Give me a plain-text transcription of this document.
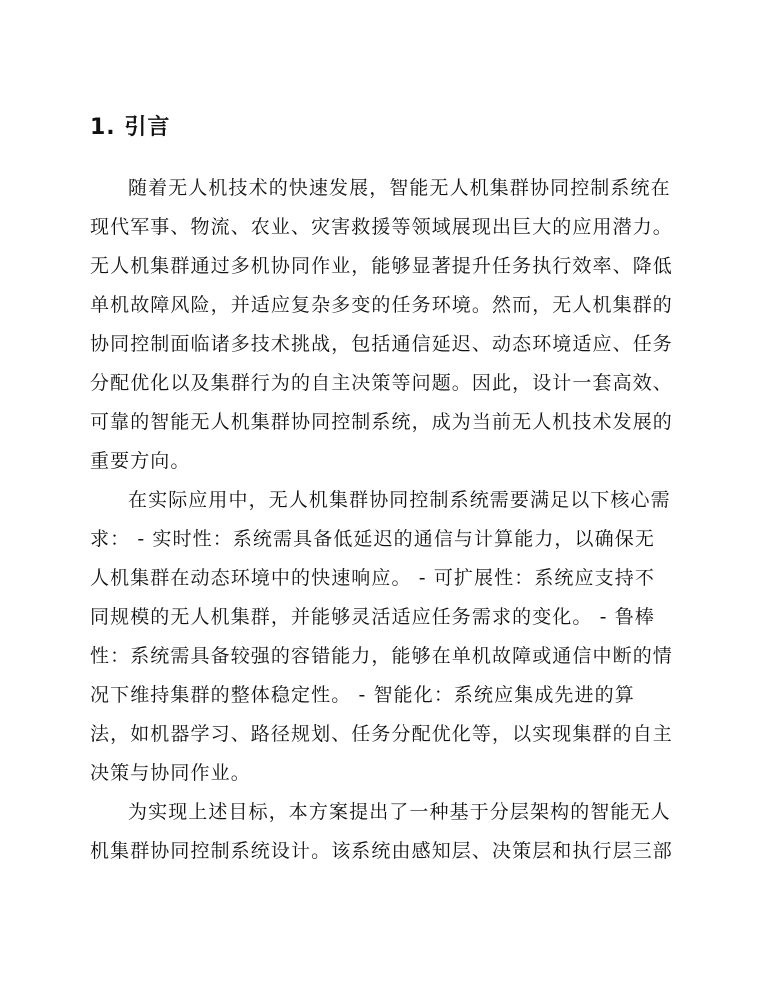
1. 引言
随着无人机技术的快速发展，智能无人机集群协同控制系统在
现代军事、物流、农业、灾害救援等领域展现出巨大的应用潜力。
无人机集群通过多机协同作业，能够显著提升任务执行效率、降低
单机故障风险，并适应复杂多变的任务环境。然而，无人机集群的
协同控制面临诸多技术挑战，包括通信延迟、动态环境适应、任务
分配优化以及集群行为的自主决策等问题。因此，设计一套高效、
可靠的智能无人机集群协同控制系统，成为当前无人机技术发展的
重要方向。
在实际应用中，无人机集群协同控制系统需要满足以下核心需
求： - 实时性：系统需具备低延迟的通信与计算能力，以确保无
人机集群在动态环境中的快速响应。 - 可扩展性：系统应支持不
同规模的无人机集群，并能够灵活适应任务需求的变化。 - 鲁棒
性：系统需具备较强的容错能力，能够在单机故障或通信中断的情
况下维持集群的整体稳定性。 - 智能化：系统应集成先进的算
法，如机器学习、路径规划、任务分配优化等，以实现集群的自主
决策与协同作业。
为实现上述目标，本方案提出了一种基于分层架构的智能无人
机集群协同控制系统设计。该系统由感知层、决策层和执行层三部
